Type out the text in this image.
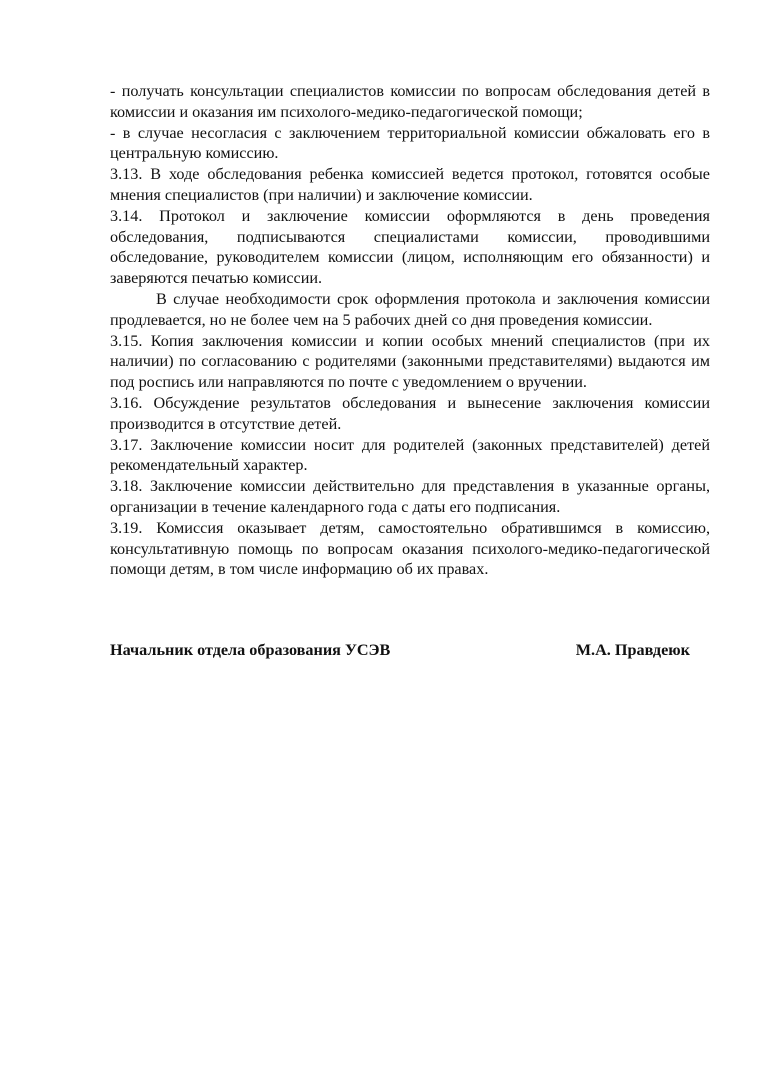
- получать консультации специалистов комиссии по вопросам обследования детей в комиссии и оказания им психолого-медико-педагогической помощи;

- в случае несогласия с заключением территориальной комиссии обжаловать его в центральную комиссию.

3.13. В ходе обследования ребенка комиссией ведется протокол, готовятся особые мнения специалистов (при наличии) и заключение комиссии.

3.14. Протокол и заключение комиссии оформляются в день проведения обследования, подписываются специалистами комиссии, проводившими обследование, руководителем комиссии (лицом, исполняющим его обязанности) и заверяются печатью комиссии.

В случае необходимости срок оформления протокола и заключения комиссии продлевается, но не более чем на 5 рабочих дней со дня проведения комиссии.

3.15. Копия заключения комиссии и копии особых мнений специалистов (при их наличии) по согласованию с родителями (законными представителями) выдаются им под роспись или направляются по почте с уведомлением о вручении.

3.16. Обсуждение результатов обследования и вынесение заключения комиссии производится в отсутствие детей.

3.17. Заключение комиссии носит для родителей (законных представителей) детей рекомендательный характер.

3.18. Заключение комиссии действительно для представления в указанные органы, организации в течение календарного года с даты его подписания.

3.19. Комиссия оказывает детям, самостоятельно обратившимся в комиссию, консультативную помощь по вопросам оказания психолого-медико-педагогической помощи детям, в том числе информацию об их правах.

Начальник отдела образования УСЭВ	М.А. Правдеюк
